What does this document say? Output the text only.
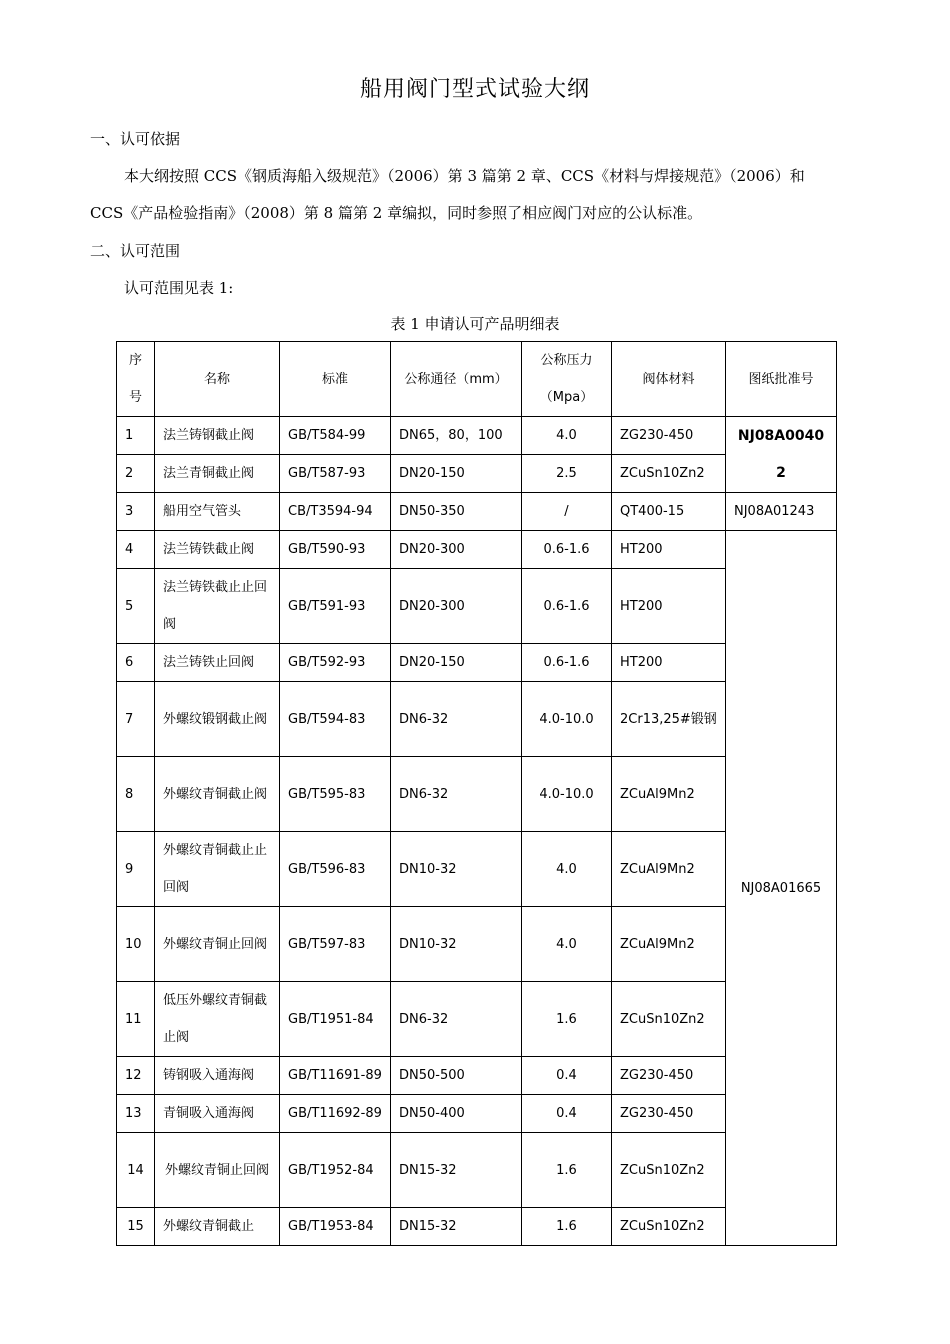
船用阀门型式试验大纲
一、认可依据
本大纲按照 CCS《钢质海船入级规范》（2006）第 3 篇第 2 章、CCS《材料与焊接规范》（2006）和
CCS《产品检验指南》（2008）第 8 篇第 2 章编拟，同时参照了相应阀门对应的公认标准。
二、认可范围
认可范围见表 1:
表 1 申请认可产品明细表
序号	名称	标准	公称通径（mm）	公称压力（Mpa）	阀体材料	图纸批准号
1	法兰铸钢截止阀	GB/T584-99	DN65，80，100	4.0	ZG230-450	NJ08A00402
2	法兰青铜截止阀	GB/T587-93	DN20-150	2.5	ZCuSn10Zn2	
3	船用空气管头	CB/T3594-94	DN50-350	/	QT400-15	NJ08A01243
4	法兰铸铁截止阀	GB/T590-93	DN20-300	0.6-1.6	HT200	NJ08A01665
5	法兰铸铁截止止回阀	GB/T591-93	DN20-300	0.6-1.6	HT200	
6	法兰铸铁止回阀	GB/T592-93	DN20-150	0.6-1.6	HT200	
7	外螺纹锻钢截止阀	GB/T594-83	DN6-32	4.0-10.0	2Cr13,25#锻钢	
8	外螺纹青铜截止阀	GB/T595-83	DN6-32	4.0-10.0	ZCuAl9Mn2	
9	外螺纹青铜截止止回阀	GB/T596-83	DN10-32	4.0	ZCuAl9Mn2	
10	外螺纹青铜止回阀	GB/T597-83	DN10-32	4.0	ZCuAl9Mn2	
11	低压外螺纹青铜截止阀	GB/T1951-84	DN6-32	1.6	ZCuSn10Zn2	
12	铸钢吸入通海阀	GB/T11691-89	DN50-500	0.4	ZG230-450	
13	青铜吸入通海阀	GB/T11692-89	DN50-400	0.4	ZG230-450	
14	外螺纹青铜止回阀	GB/T1952-84	DN15-32	1.6	ZCuSn10Zn2	
15	外螺纹青铜截止	GB/T1953-84	DN15-32	1.6	ZCuSn10Zn2	
